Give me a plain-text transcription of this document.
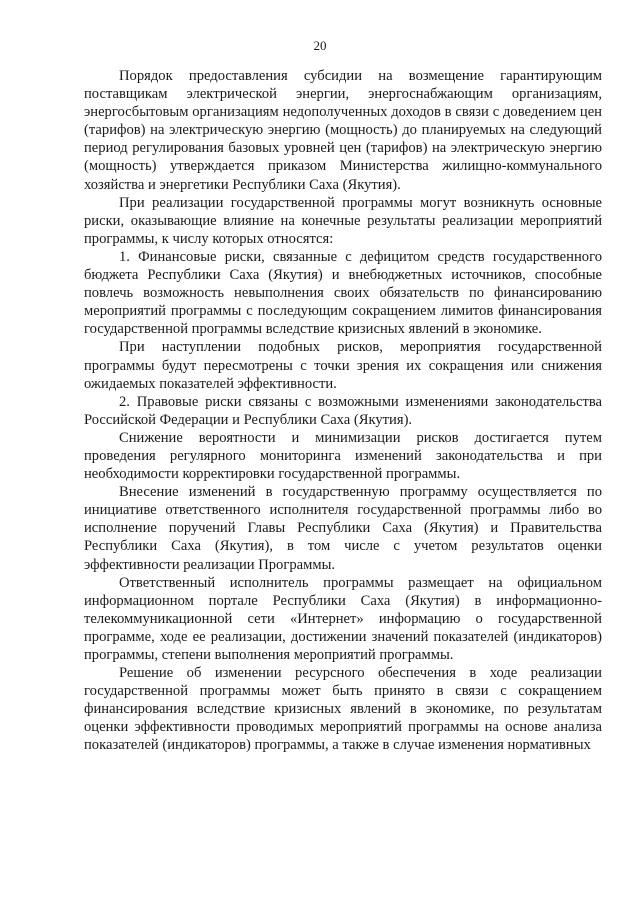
20

Порядок предоставления субсидии на возмещение гарантирующим поставщикам электрической энергии, энергоснабжающим организациям, энергосбытовым организациям недополученных доходов в связи с доведением цен (тарифов) на электрическую энергию (мощность) до планируемых на следующий период регулирования базовых уровней цен (тарифов) на электрическую энергию (мощность) утверждается приказом Министерства жилищно-коммунального хозяйства и энергетики Республики Саха (Якутия).

При реализации государственной программы могут возникнуть основные риски, оказывающие влияние на конечные результаты реализации мероприятий программы, к числу которых относятся:

1. Финансовые риски, связанные с дефицитом средств государственного бюджета Республики Саха (Якутия) и внебюджетных источников, способные повлечь возможность невыполнения своих обязательств по финансированию мероприятий программы с последующим сокращением лимитов финансирования государственной программы вследствие кризисных явлений в экономике.

При наступлении подобных рисков, мероприятия государственной программы будут пересмотрены с точки зрения их сокращения или снижения ожидаемых показателей эффективности.

2. Правовые риски связаны с возможными изменениями законодательства Российской Федерации и Республики Саха (Якутия).

Снижение вероятности и минимизации рисков достигается путем проведения регулярного мониторинга изменений законодательства и при необходимости корректировки государственной программы.

Внесение изменений в государственную программу осуществляется по инициативе ответственного исполнителя государственной программы либо во исполнение поручений Главы Республики Саха (Якутия) и Правительства Республики Саха (Якутия), в том числе с учетом результатов оценки эффективности реализации Программы.

Ответственный исполнитель программы размещает на официальном информационном портале Республики Саха (Якутия) в информационно-телекоммуникационной сети «Интернет» информацию о государственной программе, ходе ее реализации, достижении значений показателей (индикаторов) программы, степени выполнения мероприятий программы.

Решение об изменении ресурсного обеспечения в ходе реализации государственной программы может быть принято в связи с сокращением финансирования вследствие кризисных явлений в экономике, по результатам оценки эффективности проводимых мероприятий программы на основе анализа показателей (индикаторов) программы, а также в случае изменения нормативных
